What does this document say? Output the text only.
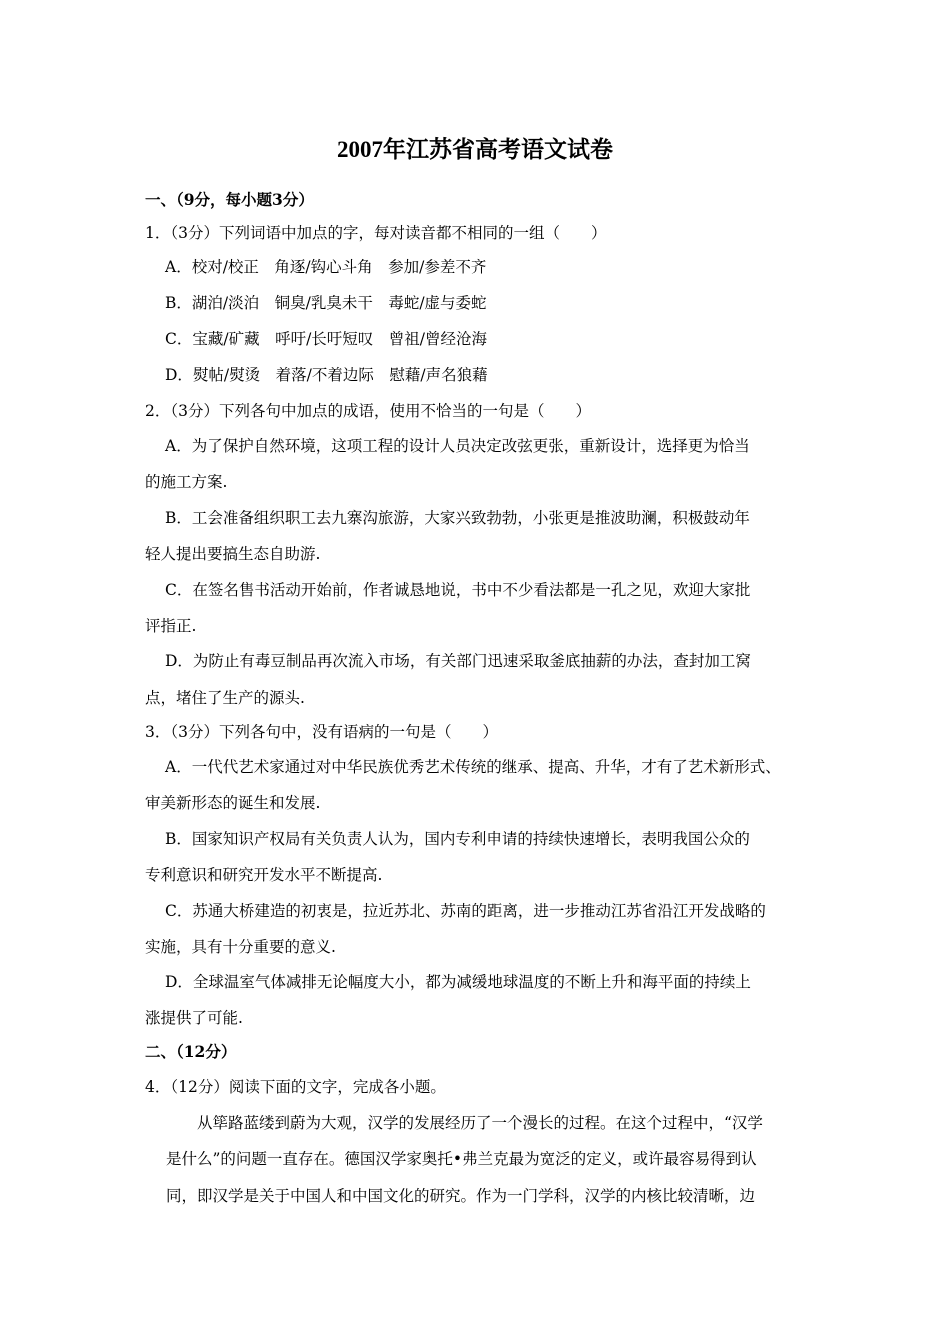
2007年江苏省高考语文试卷
一、（9分，每小题3分）
1．（3分）下列词语中加点的字，每对读音都不相同的一组（　　）
A．校对/校正　角逐/钩心斗角　参加/参差不齐
B．湖泊/淡泊　铜臭/乳臭未干　毒蛇/虚与委蛇
C．宝藏/矿藏　呼吁/长吁短叹　曾祖/曾经沧海
D．熨帖/熨烫　着落/不着边际　慰藉/声名狼藉
2．（3分）下列各句中加点的成语，使用不恰当的一句是（　　）
A．为了保护自然环境，这项工程的设计人员决定改弦更张，重新设计，选择更为恰当
的施工方案.
B．工会准备组织职工去九寨沟旅游，大家兴致勃勃，小张更是推波助澜，积极鼓动年
轻人提出要搞生态自助游.
C．在签名售书活动开始前，作者诚恳地说，书中不少看法都是一孔之见，欢迎大家批
评指正.
D．为防止有毒豆制品再次流入市场，有关部门迅速采取釜底抽薪的办法，查封加工窝
点，堵住了生产的源头.
3．（3分）下列各句中，没有语病的一句是（　　）
A．一代代艺术家通过对中华民族优秀艺术传统的继承、提高、升华，才有了艺术新形式、
审美新形态的诞生和发展.
B．国家知识产权局有关负责人认为，国内专利申请的持续快速增长，表明我国公众的
专利意识和研究开发水平不断提高.
C．苏通大桥建造的初衷是，拉近苏北、苏南的距离，进一步推动江苏省沿江开发战略的
实施，具有十分重要的意义.
D．全球温室气体减排无论幅度大小，都为减缓地球温度的不断上升和海平面的持续上
涨提供了可能.
二、（12分）
4．（12分）阅读下面的文字，完成各小题。
　　从筚路蓝缕到蔚为大观，汉学的发展经历了一个漫长的过程。在这个过程中，“汉学
是什么”的问题一直存在。德国汉学家奥托•弗兰克最为宽泛的定义，或许最容易得到认
同，即汉学是关于中国人和中国文化的研究。作为一门学科，汉学的内核比较清晰，边
